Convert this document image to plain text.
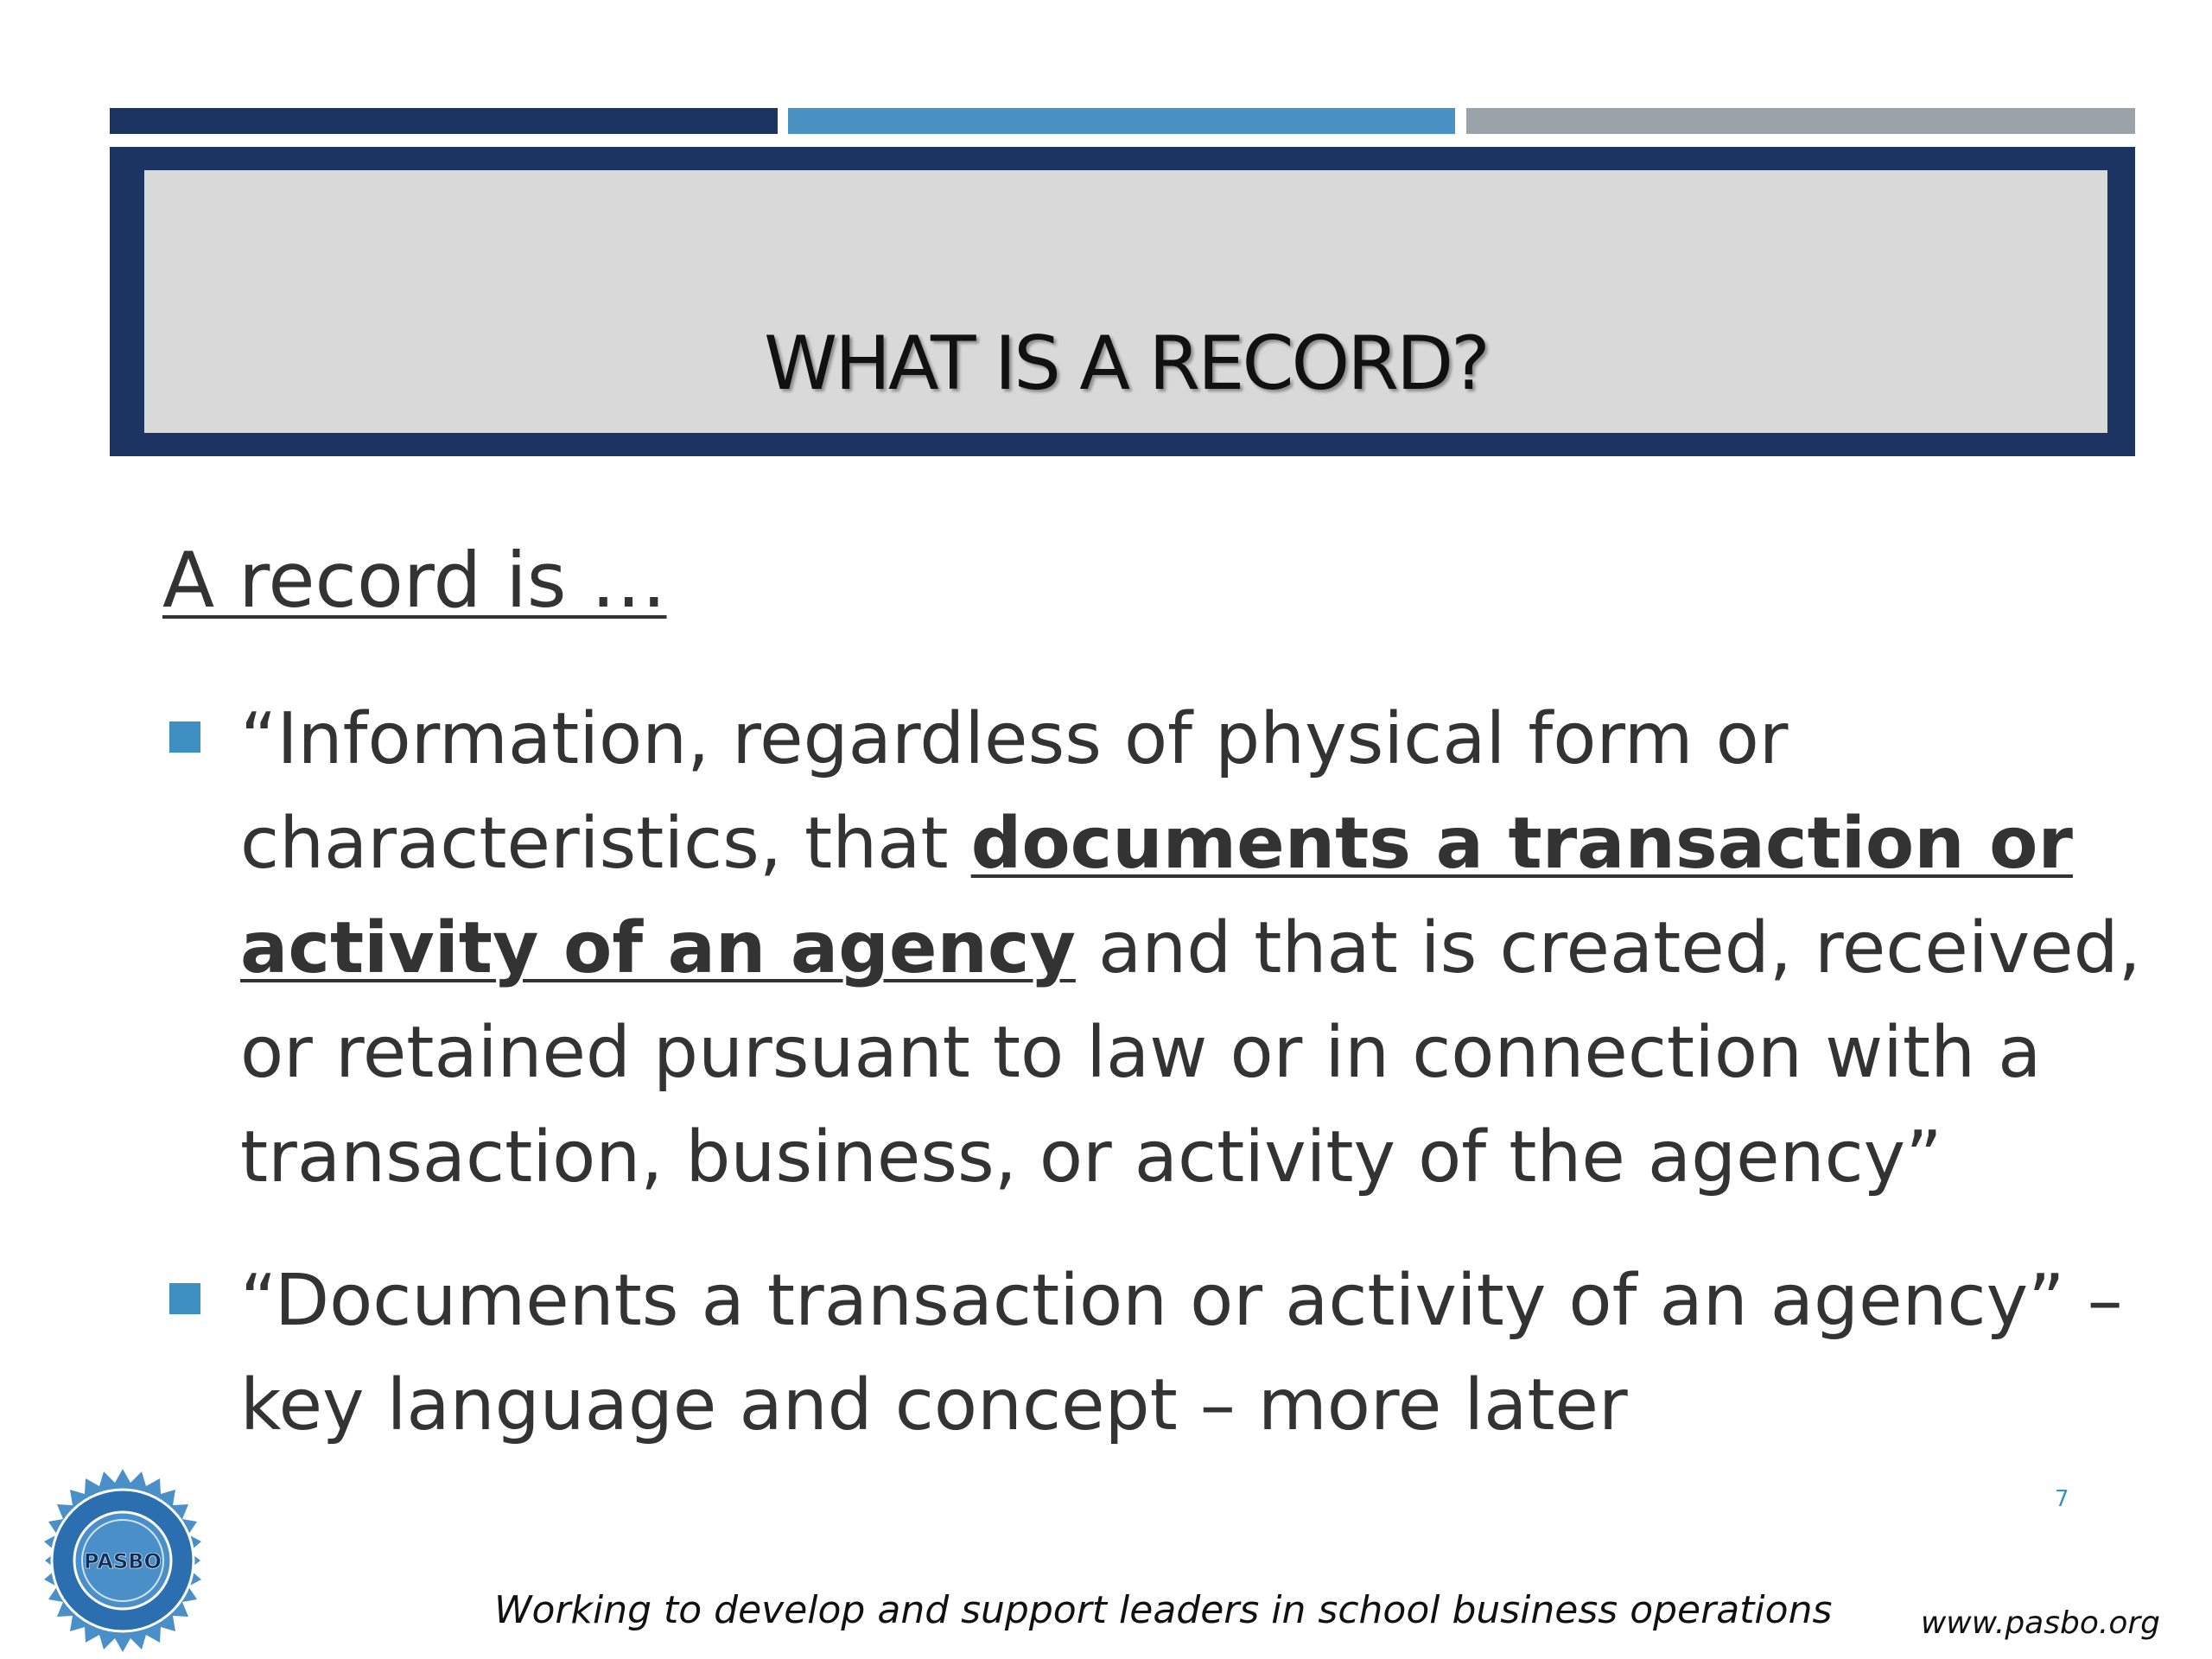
WHAT IS A RECORD?
A record is …
“Information, regardless of physical form or characteristics, that documents a transaction or activity of an agency and that is created, received, or retained pursuant to law or in connection with a transaction, business, or activity of the agency”
“Documents a transaction or activity of an agency” – key language and concept – more later
PASBO
7
Working to develop and support leaders in school business operations	www.pasbo.org
